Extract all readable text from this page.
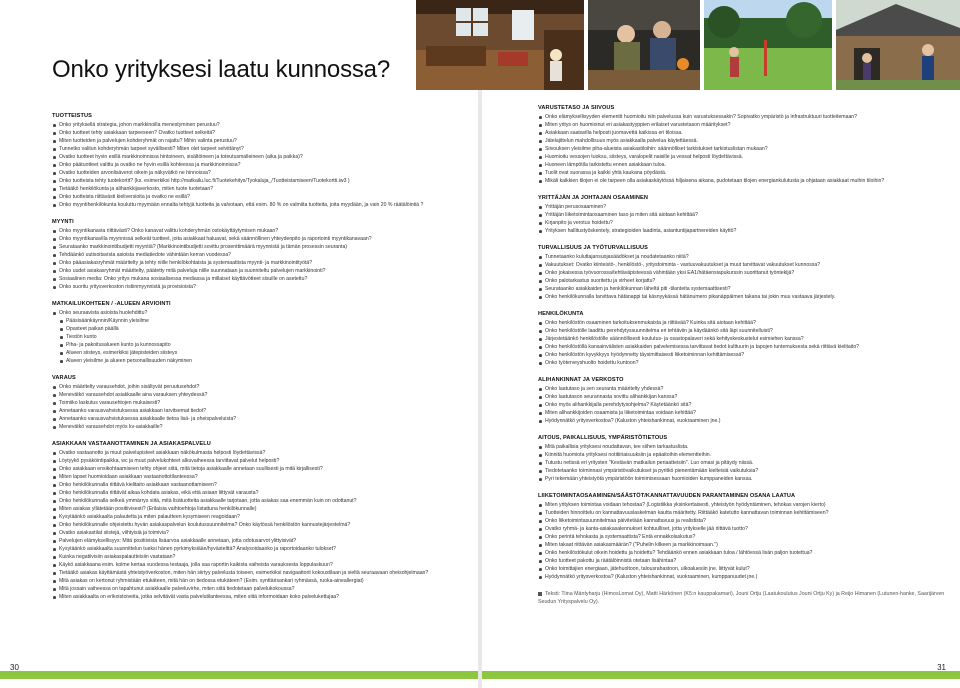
30	31
Onko yrityksesi laatu kunnossa?
TUOTTEISTUS
Onko yrityksellä strategia, johon markkinoilla menestyminen perustuu?
Onko tuotteet tehty asiakkaan tarpeeseen? Ovatko tuotteet selkeitä?
Miten tuotteiden ja palvelujen kohderyhmät on rajattu? Mihin valinta perustuu?
Tunnetko valitun kohderyhmän tarpeet syvällisesti? Miten olet tarpeet selvittänyt?
Ovatko tuotteet hyvin esillä markkinoinnissa hintoineen, sisältöineen ja toteutusmalleineen (aika ja paikka)?
Onko päätuotteet valittu ja ovatko ne hyvin esillä kohteessa ja markkinoinnissa?
Ovatko tuotteiden arvonlisäverot oikein ja näkyvätkö ne hinnoissa?
Onko tuotteista tehty tuotekortit? (ks. esimerkiksi http://matkailu.luc.fi/Tuotekehitys/Tyokaluja_/Tuotteistamiseen/Tuotekortti.iw3 )
Tietääkö henkilökunta ja alihankkijaverkosto, miten tuote tuotetaan?
Onko tuotteista riittävästi kieliversioita ja ovatko ne esillä?
Onko myyntihenkilökunta kouluttu myymään ennalta tehtyjä tuotteita ja valvotaan, että esim. 80 % on valmiita tuotteita, joita myydään, ja vain 20 % räätälöintiä ?
MYYNTI
Onko myyntikanavia riittävästi? Onko kanavat valittu kohderyhmän ostokäyttäytymisen mukaan?
Onko myyntikanavilla myynnissä selkeät tuotteet, joita asiakkaat haluavat, sekä säännöllinen yhteydenpito ja raportointi myyntikanavaan?
Seurataanko markkinointibudjetti myyntiä? (Markkinointibudjetti sovittu prosenttimäärä myynnistä ja tämän prosessin seuranta)
Tehdäänkö uutisoitavista asioista mediatiedote vähintään kerran vuodessa?
Onko pääasiakasryhmät määritelty ja tehty niille henkilökohtaista ja systemaattista myynti- ja markkinointityötä?
Onko uudet asiakasryhmät määritelty, päätetty mitä palveluja niille suunnataan ja suunniteltu palvelujen markkinointi?
Sosiaalinen media: Onko yritys mukana sosiaalisessa mediassa ja millaiset käyttävötteet sisuille on asetettu?
Onko suoritu yritysverkoston ristiinmyynnistä ja provisioista?
MATKAILUKOHTEEN / -ALUEEN ARVIOINTI
Onko seuraavista asioista huolehdittu?
Pääsisäänkäynnin/Käynnin yleisilme
Opasteet paikan päällä
Tiestön kunto
Piha- ja pakoitusalueen kunto ja kunnossapito
Alueen siisteys, esimerkiksi jätepisteiden siisteys
Alueen yleisilme ja alueen personallisuuden näkyminen
VARAUS
Onko määritelty varausehdot, joihin sisältyvät peruutusehdot?
Menevätkö varausehdot asiakkaalle aina varauksen yhteydessä?
Toimiiko laskutus varausehtojen mukaisesti?
Annetaanko varausvahvistuksessa asiakkaan tarvitsemat tiedot?
Annetaanko varausvahvistuksessa asiakkaalle tietoa lisä- ja oheispalveluista?
Menevätkö varausehdot myös kv-asiakkaille?
ASIAKKAAN VASTAANOTTAMINEN JA ASIAKASPALVELU
Ovatko vastaanotto ja muut palvelupisteet asiakkaan näkökulmasta helposti löydettävissä?
Löytyykö pysäköintipaikka, wc ja muut palvelukohteet alkuvaiheessa tarvittavat palvelut helposti?
Onko asiakkaan ensikohtaamiseen tehty ohjeet siitä, mitä tietoja asiakkaalle annetaan suullisesti ja mitä kirjallisesti?
Miten lapset huomioidaan asiakkaan vastaanottotilanteessa?
Onko henkilökunnalla riittävä kielitaito asiakkaan vastaanottamiseen?
Onko henkilökunnalla riittävät aikaa kohdata asiakas, eikä että asiaan liittyvät varausta?
Onko henkilökunnalla selkeä ymmärrys siitä, mitä lisätuotteita asiakkaalle tarjotaan, jotta asiakas saa enemmän kuin on odottanut?
Miten asiakas yllätetään positiivisesti? (Erilaisia vaihtoehtoja listattuna henkilökunnalle)
Kysytäänkö asiakkaalta palautetta ja miten palautteen kysymiseen reagoidaan?
Onko henkilökunnalle ohjeistettu hyvän asiakaspalvelun koulutussuunnitelma? Onko käytössä henkilöstön kannustejärjestelmä?
Ovatko asiakastilat siistejä, viihtyisiä ja toimivia?
Palvelujen elämyksellisyys: Mitä positiivista lisäarvoa asiakkaalle annetaan, jotta odotusarvot ylittyisivät?
Kysytäänkö asiakkaalta suunnittelun tueksi hänen pyrkimyksiään/hyvästelttä? Analysoidaanko ja raportoidaanko tulokset?
Kuinka negatiivisiin asiakaspalautteisiin vastataan?
Käykö asiakkaana esim. kolme kertaa vuodessa testaaja, jolla saa raportin kaikista vaiheista varauksesta loppulaskuun?
Tietääkö asiakas käyttämästä yhteistyöverkoston, miten hän siirtyy palvelusta toiseen, esimerkiksi navigaattorit kokoustilaan ja sieltä seuraavaan oheisohjelmaan?
Mitä asiakas on kertonut ryhmistään etukäteen, mitä hän on tiedossa etukäteen? (Esim. synttärisankari ryhmässä, ruoka-aineallergiat)
Mitä jossain vaiheessa on tapahtunut asiakkaalle palveluvirhe, miten siitä tiedotetaan palvelukokoussa?
Miten asiakkaalta on erikoistoiveita, jotka selvitävät vasta palvelutilanteessa, miten siitä informoidaan koko palvelukettujaa?
VARUSTETASO JA SIIVOUS
Onko elämyksellisyyden elementit huomioitu niin palvelussa kuin varustuksessakin? Sopivatko ympäristö ja infrastruktuuri tuotteitemaan?
Miten yritys on huomioinut eri asiakastyyppien erilaiset varustetason määritykset?
Asiakkaan saatavilla helposti juomavettä kaikissa eri tiloissa.
Jätelajittelun mahdollisuus myös asiakkaalla palvelua käytettäessä.
Siivouksen yleisilme piha-alueista asiakastiloihin: säännölliset tarkistukset tarkistuslistan mukaan?
Huomioitu vessojen tuoksu, siisteys, varalopelit naisille ja vessat helposti löydettävissä.
Huoneen lämpötila tarkistettu ennen asiakkaan tuloa.
Tuolit ovat suorassa ja kaikki yhtä kaukana pöydästä.
Mikäli kaikkien tilojen ei ole tarpeen olla asiakaskäytössä hiljaisena aikana, pudotetaan tilojen energiankulutusta ja ohjataan asiakkaat muihin tiloihin?
YRITTÄJÄN JA JOHTAJAN OSAAMINEN
Yrittäjän perusosaaminen?
Yrittäjän liiketoimintaosaaminen taso ja miten sitä aiotaan kehittää?
Kirjanpito ja verotus hoidettu?
Yrityksen hallitustyöskentely, strategioiden laadinta, asiantuntijapartnereiden käyttö?
TURVALLISUUS JA TYÖTURVALLISUUS
Tunnetaanko kuluttajansuojasäädökset ja noudatetaanko niitä?
Vakuutukset: Ovatko kiinteistö-, henkilöstö-, yritystoiminta - vastuuvakuutukset ja muut tarvittavat vakuutukset kunnossa?
Onko jokaisessa työvuorossa/tehtäväpisteessä vähintään yksi EA1/hätäensiapukurssin suorittanut työntekijä?
Onko palotarkastus suoritettu ja virheet korjattu?
Seurataanko asiakkaiden ja henkilökunnan läheltä piti -tilanteita systemaattisesti?
Onko henkilökunnalla tarvittava hätänappi tai käsnyykässä hätänumero pikanäppäimen takana tai jokin muu vastaava järjestely.
HENKILÖKUNTA
Onko henkilöstön osaaminen tarkoituksenmukaista ja riittävää? Kuinka sitä aiotaan kehittää?
Onko henkilöstölle laadittu perehdytyssuunnitelma eri tehtäviin ja käydäänkö sitä läpi suunnitelluisti?
Järjestetäänkö henkilöstölle säännöllisesti koulutus- ja osastopalaveri sekä kehityskeskustelut esimiehen kanssa?
Onko henkilöstöllä kansainvälisten asiakkaiden palvelemisessa tarvittavat tiedot kulttuurin ja tapojen tuntemuksesta sekä riittävä kielitaito?
Onko henkilöstön kyvykkyys hyödynnetty täysimittaisesti liiketoiminnan kehittämisessä?
Onko työterveyshuolto hoidettu kuntoon?
ALIHANKINNAT JA VERKOSTO
Onko laatutaso ja sen seuranta määritelty yhdessä?
Onko laatutason seurannasta sovittu alihankkijan kanssa?
Onko myös alihankkijalla perehdytysohjelma? Käytetäänkö sitä?
Miten alihankkijoiden osaamista ja liiketoimintaa voidaan kehittää?
Hyödynnätkö yritysverkostoa? (Kaluston yhteishankinnat, vuokraaminen jne.)
AITOUS, PAIKALLISUUS, YMPÄRISTÖTIETOUS
Mitä paikallisia yrityksesi noudattavan, tee siihen tarkastuslista.
Kiinnitä huomiota yrityksesi notitiiriaisuuksiin ja epäaitoihin elementteihin.
Tutustu netissä eri yritysten "Kestävän matkailun periaatteisiin". Luo omasi ja pitäydy niissä.
Tiedotetaanko toiminnasi ympäristövaikutukset ja pyritkö pienentämään kielteisiä vaikutuksia?
Pyri tekemään yhteistyötä ympäristöön toimimisessaan huomioiden kumppaneiden kanssa.
LIIKETOIMINTAOSAAMINEN/SÄÄSTÖT/KANNATTAVUUDEN PARANTAMINEN OSANA LAATUA
Miten yrityksen toimintaa voidaan tehostaa? (Logistiikka yksinkertaisesti, yhteistyön hyödyntäminen, tehokas varojen kierto)
Tuotteiden hinnoittelu on kannattavuuslaskelman kautta määritetty. Riittääkö katetutto kannattavan toiminnan kehittämiseen?
Onko liiketoimintasuunnitelmaa päivitetään kannattavuus ja realistista?
Ovatko ryhmä- ja kanta-asiakasalennukset kohtuulliset, jotta yritykselle jää riittävä tuotto?
Onko perintä tehokasta ja systemaattista? Entä ennakkolaskutus?
Miten takaat riittävän asiakasmäärän? ("Puhelin kilkeen ja markkinoimaan.")
Onko henkilöstökulut oikein hoidettu ja hoidettu? Tehdäänkö ennen asiakkaan tuloa / lähtöessä lisän paljon tuotettua?
Onko tuotteet pakottu ja räätälöinnistä otetaan lisähintaa?
Onko toimittajien energiaan, jätehuoltoon, talousrahastoon, ulkoaluesiin jne. liittyvät kulut?
Hyödynnätkö yritysverkostoa? (Kaluston yhteishankinnat, vuokraaminen, kumppanuudet jne.)
Teksti: Tiina Mäntyharju (HimosLomat Oy), Matti Härkönen (K5:n kauppakamari), Jouni Ortju (Laatukoulutus Jouni Ortju Ky) ja Reijo Himanen (Lutunen-hanke, Saarijärven Seudun Yrityspalvelu Oy).
